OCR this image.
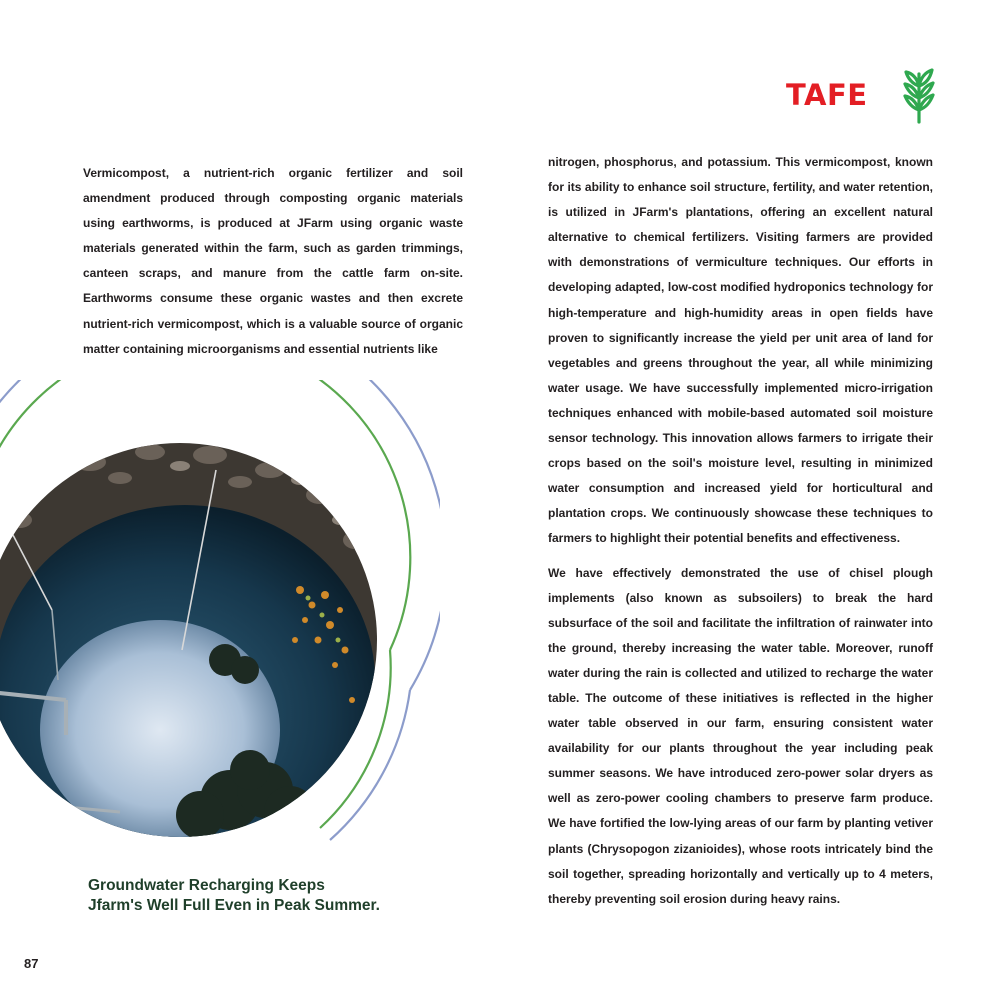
TAFE

Vermicompost, a nutrient-rich organic fertilizer and soil amendment produced through composting organic materials using earthworms, is produced at JFarm using organic waste materials generated within the farm, such as garden trimmings, canteen scraps, and manure from the cattle farm on-site. Earthworms consume these organic wastes and then excrete nutrient-rich vermicompost, which is a valuable source of organic matter containing microorganisms and essential nutrients like

nitrogen, phosphorus, and potassium. This vermicompost, known for its ability to enhance soil structure, fertility, and water retention, is utilized in JFarm's plantations, offering an excellent natural alternative to chemical fertilizers. Visiting farmers are provided with demonstrations of vermiculture techniques. Our efforts in developing adapted, low-cost modified hydroponics technology for high-temperature and high-humidity areas in open fields have proven to significantly increase the yield per unit area of land for vegetables and greens throughout the year, all while minimizing water usage. We have successfully implemented micro-irrigation techniques enhanced with mobile-based automated soil moisture sensor technology. This innovation allows farmers to irrigate their crops based on the soil's moisture level, resulting in minimized water consumption and increased yield for horticultural and plantation crops. We continuously showcase these techniques to farmers to highlight their potential benefits and effectiveness.

We have effectively demonstrated the use of chisel plough implements (also known as subsoilers) to break the hard subsurface of the soil and facilitate the infiltration of rainwater into the ground, thereby increasing the water table. Moreover, runoff water during the rain is collected and utilized to recharge the water table. The outcome of these initiatives is reflected in the higher water table observed in our farm, ensuring consistent water availability for our plants throughout the year including peak summer seasons. We have introduced zero-power solar dryers as well as zero-power cooling chambers to preserve farm produce. We have fortified the low-lying areas of our farm by planting vetiver plants (Chrysopogon zizanioides), whose roots intricately bind the soil together, spreading horizontally and vertically up to 4 meters, thereby preventing soil erosion during heavy rains.

Groundwater Recharging Keeps
Jfarm's Well Full Even in Peak Summer.

87
